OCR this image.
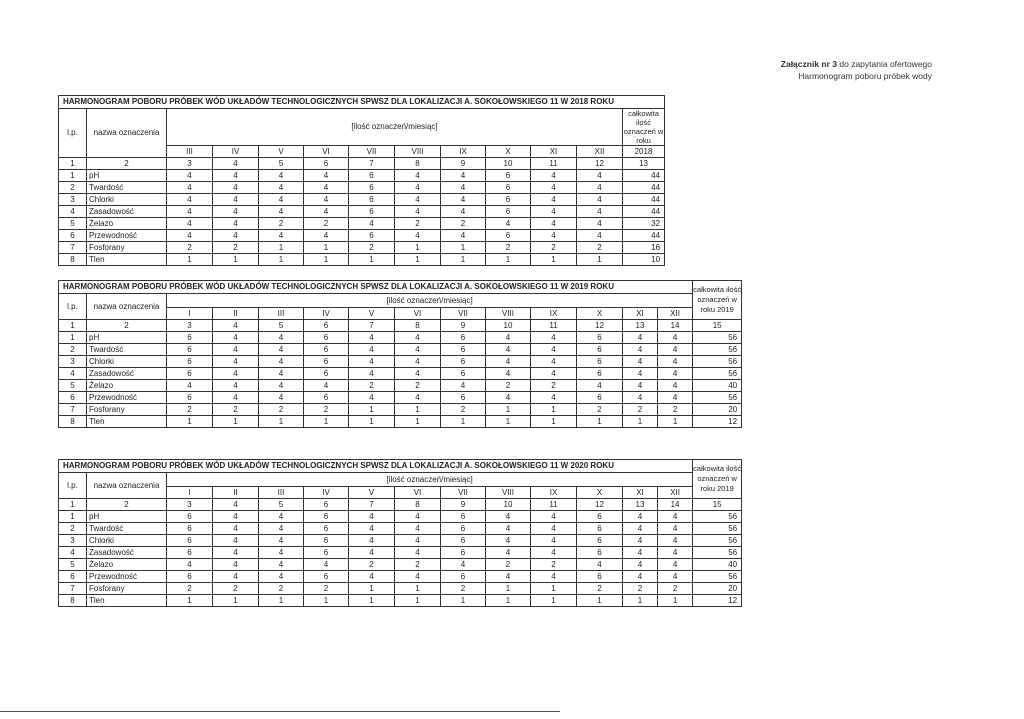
Załącznik nr 3 do zapytania ofertowego
Harmonogram poboru próbek wody
HARMONOGRAM POBORU PRÓBEK WÓD UKŁADÓW TECHNOLOGICZNYCH SPWSZ DLA LOKALIZACJI A. SOKOŁOWSKIEGO 11 W 2018 ROKU												
l.p.	nazwa oznaczenia	[ilość oznaczeń/miesiąc]										całkowita ilość oznaczeń w roku
		III	IV	V	VI	VII	VIII	IX	X	XI	XII	2018
1	2	3	4	5	6	7	8	9	10	11	12	13
1	pH	4	4	4	4	6	4	4	6	4	4	44
2	Twardość	4	4	4	4	6	4	4	6	4	4	44
3	Chlorki	4	4	4	4	6	4	4	6	4	4	44
4	Zasadowość	4	4	4	4	6	4	4	6	4	4	44
5	Żelazo	4	4	2	2	4	2	2	4	4	4	32
6	Przewodność	4	4	4	4	6	4	4	6	4	4	44
7	Fosforany	2	2	1	1	2	1	1	2	2	2	16
8	Tlen	1	1	1	1	1	1	1	1	1	1	10
HARMONOGRAM POBORU PRÓBEK WÓD UKŁADÓW TECHNOLOGICZNYCH SPWSZ DLA LOKALIZACJI A. SOKOŁOWSKIEGO 11 W 2019 ROKU														całkowita ilość oznaczeń w roku 2019
l.p.	nazwa oznaczenia	[ilość oznaczeń/miesiąc]												
		I	II	III	IV	V	VI	VII	VIII	IX	X	XI	XII	
1	2	3	4	5	6	7	8	9	10	11	12	13	14	15
1	pH	6	4	4	6	4	4	6	4	4	6	4	4	56
2	Twardość	6	4	4	6	4	4	6	4	4	6	4	4	56
3	Chlorki	6	4	4	6	4	4	6	4	4	6	4	4	56
4	Zasadowość	6	4	4	6	4	4	6	4	4	6	4	4	56
5	Żelazo	4	4	4	4	2	2	4	2	2	4	4	4	40
6	Przewodność	6	4	4	6	4	4	6	4	4	6	4	4	56
7	Fosforany	2	2	2	2	1	1	2	1	1	2	2	2	20
8	Tlen	1	1	1	1	1	1	1	1	1	1	1	1	12
HARMONOGRAM POBORU PRÓBEK WÓD UKŁADÓW TECHNOLOGICZNYCH SPWSZ DLA LOKALIZACJI A. SOKOŁOWSKIEGO 11 W 2020 ROKU														całkowita ilość oznaczeń w roku 2019
l.p.	nazwa oznaczenia	[ilość oznaczeń/miesiąc]												
		I	II	III	IV	V	VI	VII	VIII	IX	X	XI	XII	
1	2	3	4	5	6	7	8	9	10	11	12	13	14	15
1	pH	6	4	4	6	4	4	6	4	4	6	4	4	56
2	Twardość	6	4	4	6	4	4	6	4	4	6	4	4	56
3	Chlorki	6	4	4	6	4	4	6	4	4	6	4	4	56
4	Zasadowość	6	4	4	6	4	4	6	4	4	6	4	4	56
5	Żelazo	4	4	4	4	2	2	4	2	2	4	4	4	40
6	Przewodność	6	4	4	6	4	4	6	4	4	6	4	4	56
7	Fosforany	2	2	2	2	1	1	2	1	1	2	2	2	20
8	Tlen	1	1	1	1	1	1	1	1	1	1	1	1	12
